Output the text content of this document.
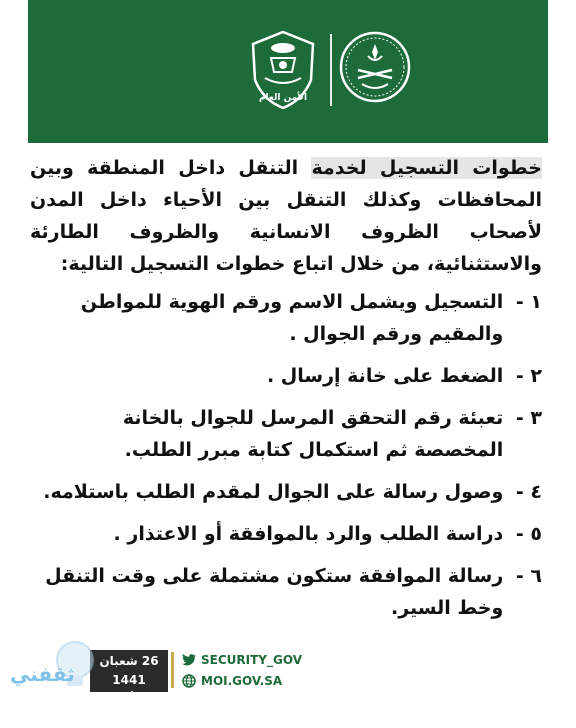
الأمن العام

خطوات التسجيل لخدمة التنقل داخل المنطقة وبين المحافظات وكذلك التنقل بين الأحياء داخل المدن لأصحاب الظروف الانسانية والظروف الطارئة والاستثنائية، من خلال اتباع خطوات التسجيل التالية:

١ -
التسجيل ويشمل الاسم ورقم الهوية للمواطن والمقيم ورقم الجوال .
٢ -
الضغط على خانة إرسال .
٣ -
تعبئة رقم التحقق المرسل للجوال بالخانة المخصصة ثم استكمال كتابة مبرر الطلب.
٤ -
وصول رسالة على الجوال لمقدم الطلب باستلامه.
٥ -
دراسة الطلب والرد بالموافقة أو الاعتذار .
٦ -
رسالة الموافقة ستكون مشتملة على وقت التنقل وخط السير.
26 شعبان 1441
19 أبريل 2020
SECURITY_GOV
MOI.GOV.SA
ثقفني
